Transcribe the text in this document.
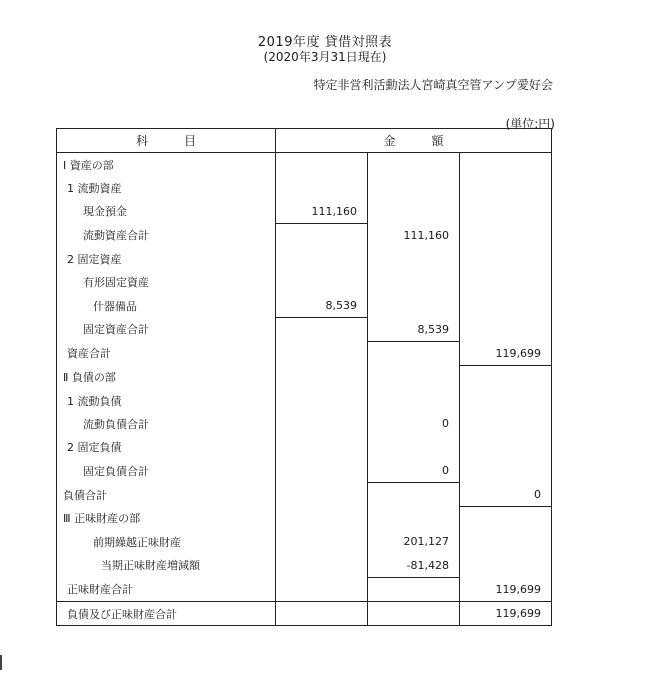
2019年度 貸借対照表
(2020年3月31日現在)
特定非営利活動法人宮崎真空管アンプ愛好会
(単位:円)
科　　　目	金　　　額		
Ⅰ 資産の部			
1 流動資産			
現金預金	111,160		
流動資産合計		111,160	
2 固定資産			
有形固定資産			
什器備品	8,539		
固定資産合計		8,539	
資産合計			119,699
Ⅱ 負債の部			
1 流動負債			
流動負債合計		0	
2 固定負債			
固定負債合計		0	
負債合計			0
Ⅲ 正味財産の部			
前期繰越正味財産		201,127	
当期正味財産増減額		-81,428	
正味財産合計			119,699
負債及び正味財産合計			119,699
